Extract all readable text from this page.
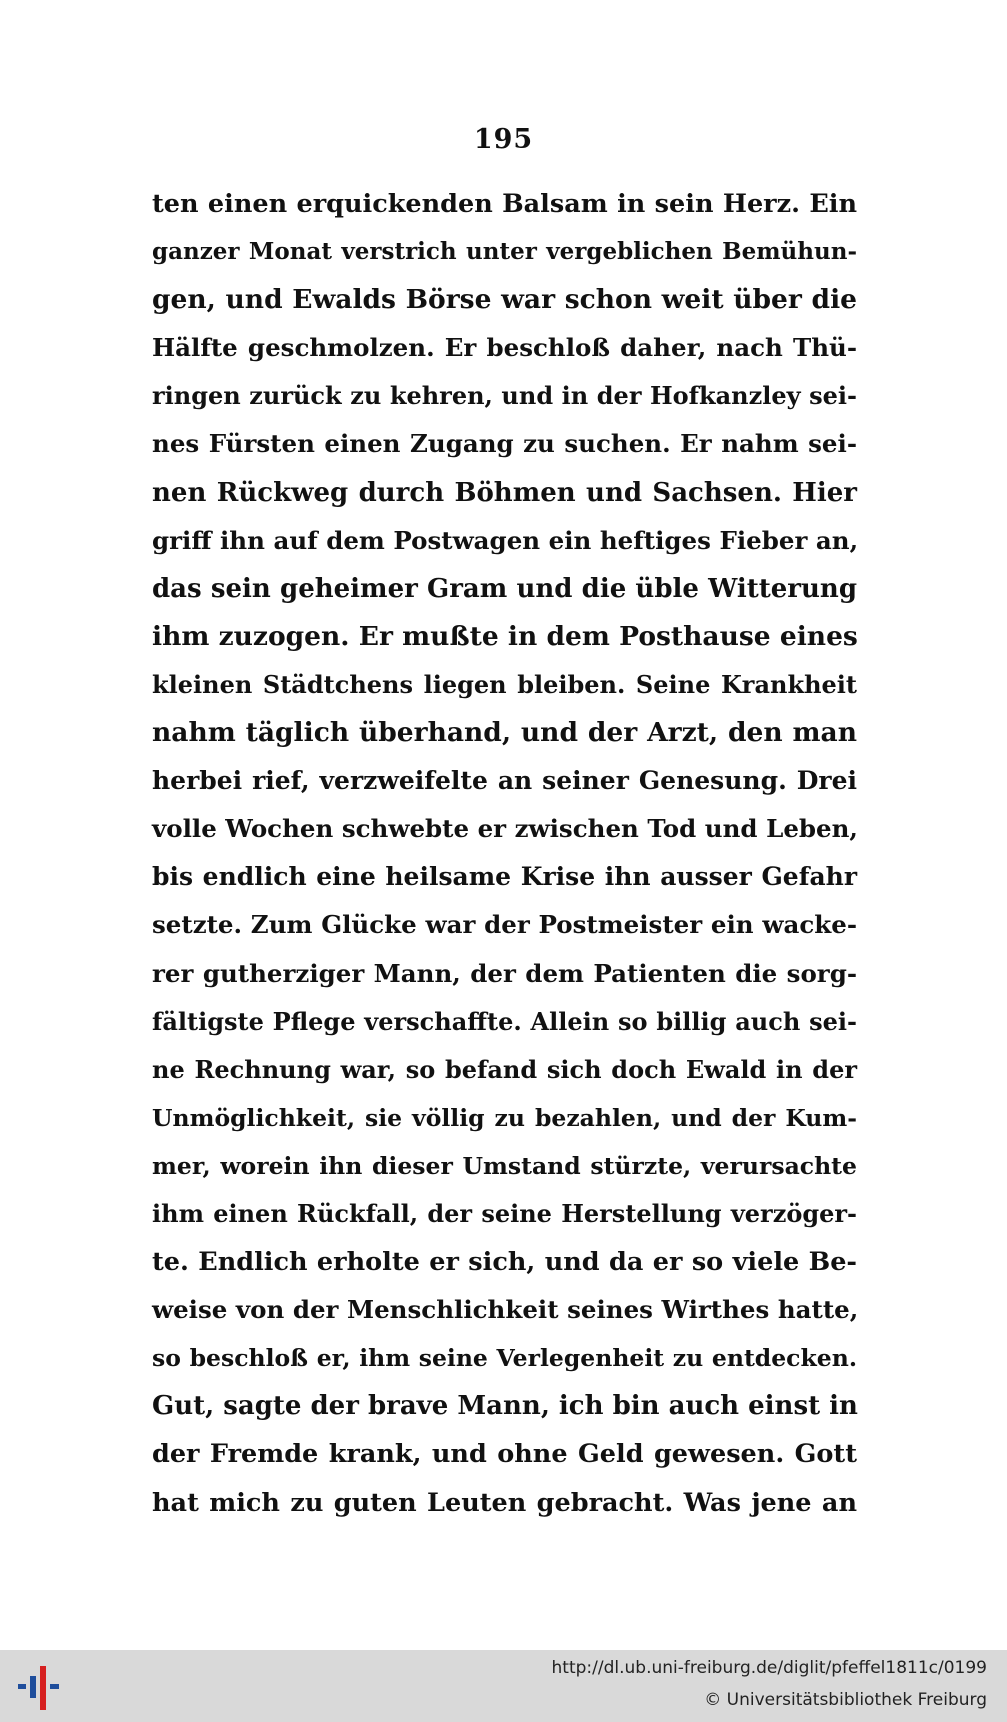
195
ten einen erquickenden Balsam in sein Herz. Ein
ganzer Monat verstrich unter vergeblichen Bemühun-
gen, und Ewalds Börse war schon weit über die
Hälfte geschmolzen. Er beschloß daher, nach Thü-
ringen zurück zu kehren, und in der Hofkanzley sei-
nes Fürsten einen Zugang zu suchen. Er nahm sei-
nen Rückweg durch Böhmen und Sachsen. Hier
griff ihn auf dem Postwagen ein heftiges Fieber an,
das sein geheimer Gram und die üble Witterung
ihm zuzogen. Er mußte in dem Posthause eines
kleinen Städtchens liegen bleiben. Seine Krankheit
nahm täglich überhand, und der Arzt, den man
herbei rief, verzweifelte an seiner Genesung. Drei
volle Wochen schwebte er zwischen Tod und Leben,
bis endlich eine heilsame Krise ihn ausser Gefahr
setzte. Zum Glücke war der Postmeister ein wacke-
rer gutherziger Mann, der dem Patienten die sorg-
fältigste Pflege verschaffte. Allein so billig auch sei-
ne Rechnung war, so befand sich doch Ewald in der
Unmöglichkeit, sie völlig zu bezahlen, und der Kum-
mer, worein ihn dieser Umstand stürzte, verursachte
ihm einen Rückfall, der seine Herstellung verzöger-
te. Endlich erholte er sich, und da er so viele Be-
weise von der Menschlichkeit seines Wirthes hatte,
so beschloß er, ihm seine Verlegenheit zu entdecken.
Gut, sagte der brave Mann, ich bin auch einst in
der Fremde krank, und ohne Geld gewesen. Gott
hat mich zu guten Leuten gebracht. Was jene an
http://dl.ub.uni-freiburg.de/diglit/pfeffel1811c/0199
© Universitätsbibliothek Freiburg
